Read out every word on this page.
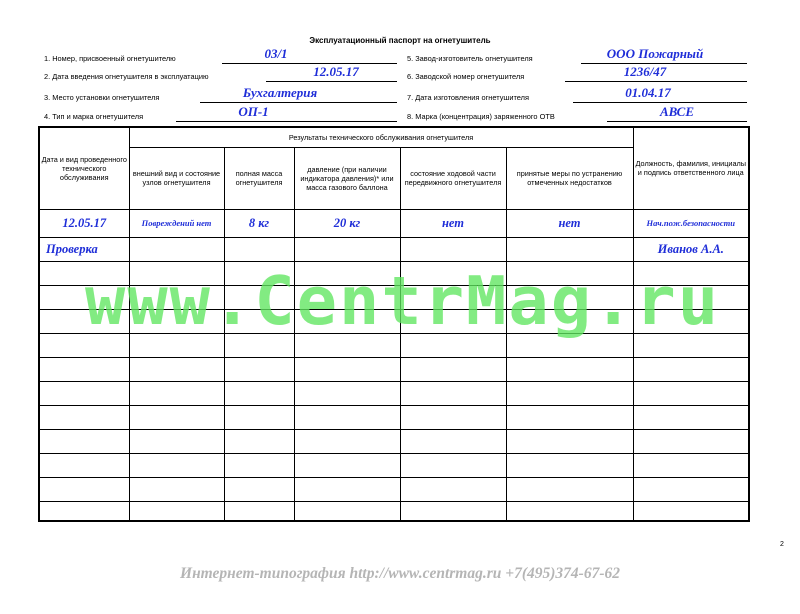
Эксплуатационный паспорт на огнетушитель
1. Номер, присвоенный огнетушителю	03/1
2. Дата введения огнетушителя в эксплуатацию	12.05.17
3. Место установки огнетушителя	Бухгалтерия
4. Тип и марка огнетушителя	ОП-1
5. Завод-изготовитель огнетушителя	ООО Пожарный
6. Заводской номер огнетушителя	1236/47
7. Дата изготовления огнетушителя	01.04.17
8. Марка (концентрация) заряженного ОТВ	АВСЕ
Дата и вид проведенного технического обслуживания	Результаты технического обслуживания огнетушителя					Должность, фамилия, инициалы и подпись ответственного лица
	внешний вид и состояние узлов огнетушителя	полная масса огнетушителя	давление (при наличии индикатора давления)* или масса газового баллона	состояние ходовой части передвижного огнетушителя	принятые меры по устранению отмеченных недостатков	
12.05.17	Повреждений нет	8 кг	20 кг	нет	нет	Нач.пож.безопасности
Проверка						Иванов А.А.

www.CentrMag.ru
2
Интернет-типография http://www.centrmag.ru +7(495)374-67-62
